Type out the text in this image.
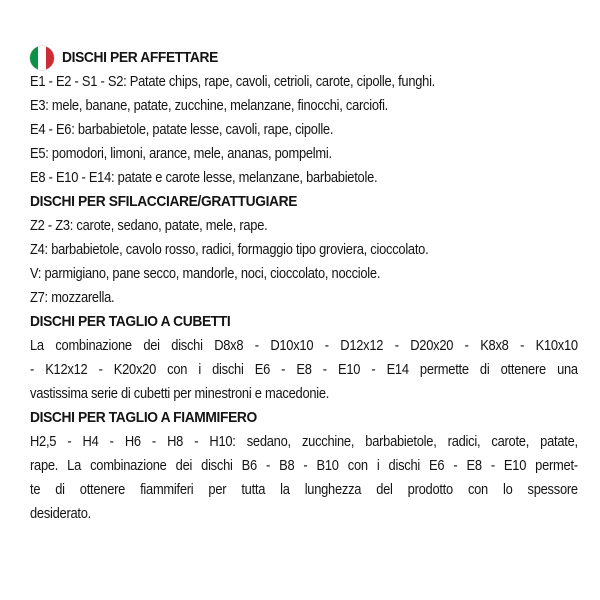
DISCHI PER AFFETTARE
E1 - E2 - S1 - S2: Patate chips, rape, cavoli, cetrioli, carote, cipolle, funghi.
E3: mele, banane, patate, zucchine, melanzane, finocchi, carciofi.
E4 - E6: barbabietole, patate lesse, cavoli, rape, cipolle.
E5: pomodori, limoni, arance, mele, ananas, pompelmi.
E8 - E10 - E14: patate e carote lesse, melanzane, barbabietole.
DISCHI PER SFILACCIARE/GRATTUGIARE
Z2 - Z3: carote, sedano, patate, mele, rape.
Z4: barbabietole, cavolo rosso, radici, formaggio tipo groviera, cioccolato.
V: parmigiano, pane secco, mandorle, noci, cioccolato, nocciole.
Z7: mozzarella.
DISCHI PER TAGLIO A CUBETTI
La combinazione dei dischi D8x8 - D10x10 - D12x12 - D20x20 - K8x8 - K10x10
- K12x12 - K20x20 con i dischi E6 - E8 - E10 - E14 permette di ottenere una
vastissima serie di cubetti per minestroni e macedonie.
DISCHI PER TAGLIO A FIAMMIFERO
H2,5 - H4 - H6 - H8 - H10: sedano, zucchine, barbabietole, radici, carote, patate,
rape. La combinazione dei dischi B6 - B8 - B10 con i dischi E6 - E8 - E10 permet-
te di ottenere fiammiferi per tutta la lunghezza del prodotto con lo spessore
desiderato.
